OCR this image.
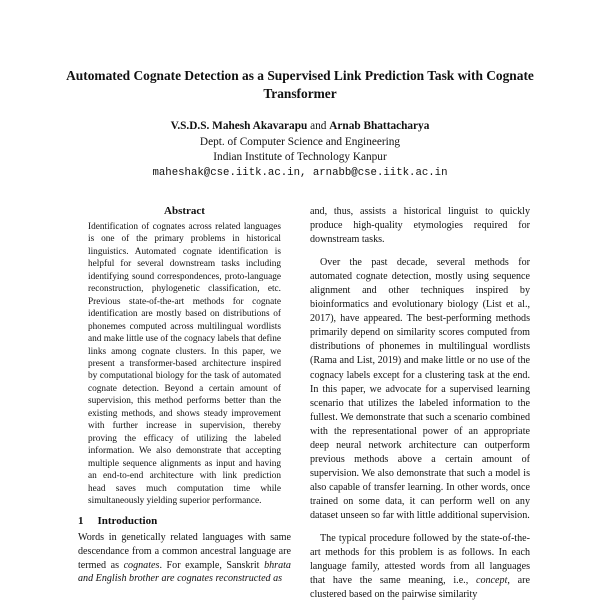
Automated Cognate Detection as a Supervised Link Prediction Task with Cognate Transformer
V.S.D.S. Mahesh Akavarapu and Arnab Bhattacharya
Dept. of Computer Science and Engineering
Indian Institute of Technology Kanpur
maheshak@cse.iitk.ac.in, arnabb@cse.iitk.ac.in
Abstract

Identification of cognates across related languages is one of the primary problems in historical linguistics. Automated cognate identification is helpful for several downstream tasks including identifying sound correspondences, proto-language reconstruction, phylogenetic classification, etc. Previous state-of-the-art methods for cognate identification are mostly based on distributions of phonemes computed across multilingual wordlists and make little use of the cognacy labels that define links among cognate clusters. In this paper, we present a transformer-based architecture inspired by computational biology for the task of automated cognate detection. Beyond a certain amount of supervision, this method performs better than the existing methods, and shows steady improvement with further increase in supervision, thereby proving the efficacy of utilizing the labeled information. We also demonstrate that accepting multiple sequence alignments as input and having an end-to-end architecture with link prediction head saves much computation time while simultaneously yielding superior performance.

1 Introduction

Words in genetically related languages with same descendance from a common ancestral language are termed as cognates. For example, Sanskrit bhrata and English brother are cognates reconstructed as

and, thus, assists a historical linguist to quickly produce high-quality etymologies required for downstream tasks.

Over the past decade, several methods for automated cognate detection, mostly using sequence alignment and other techniques inspired by bioinformatics and evolutionary biology (List et al., 2017), have appeared. The best-performing methods primarily depend on similarity scores computed from distributions of phonemes in multilingual wordlists (Rama and List, 2019) and make little or no use of the cognacy labels except for a clustering task at the end. In this paper, we advocate for a supervised learning scenario that utilizes the labeled information to the fullest. We demonstrate that such a scenario combined with the representational power of an appropriate deep neural network architecture can outperform previous methods above a certain amount of supervision. We also demonstrate that such a model is also capable of transfer learning. In other words, once trained on some data, it can perform well on any dataset unseen so far with little additional supervision.

The typical procedure followed by the state-of-the-art methods for this problem is as follows. In each language family, attested words from all languages that have the same meaning, i.e., concept, are clustered based on the pairwise similarity
